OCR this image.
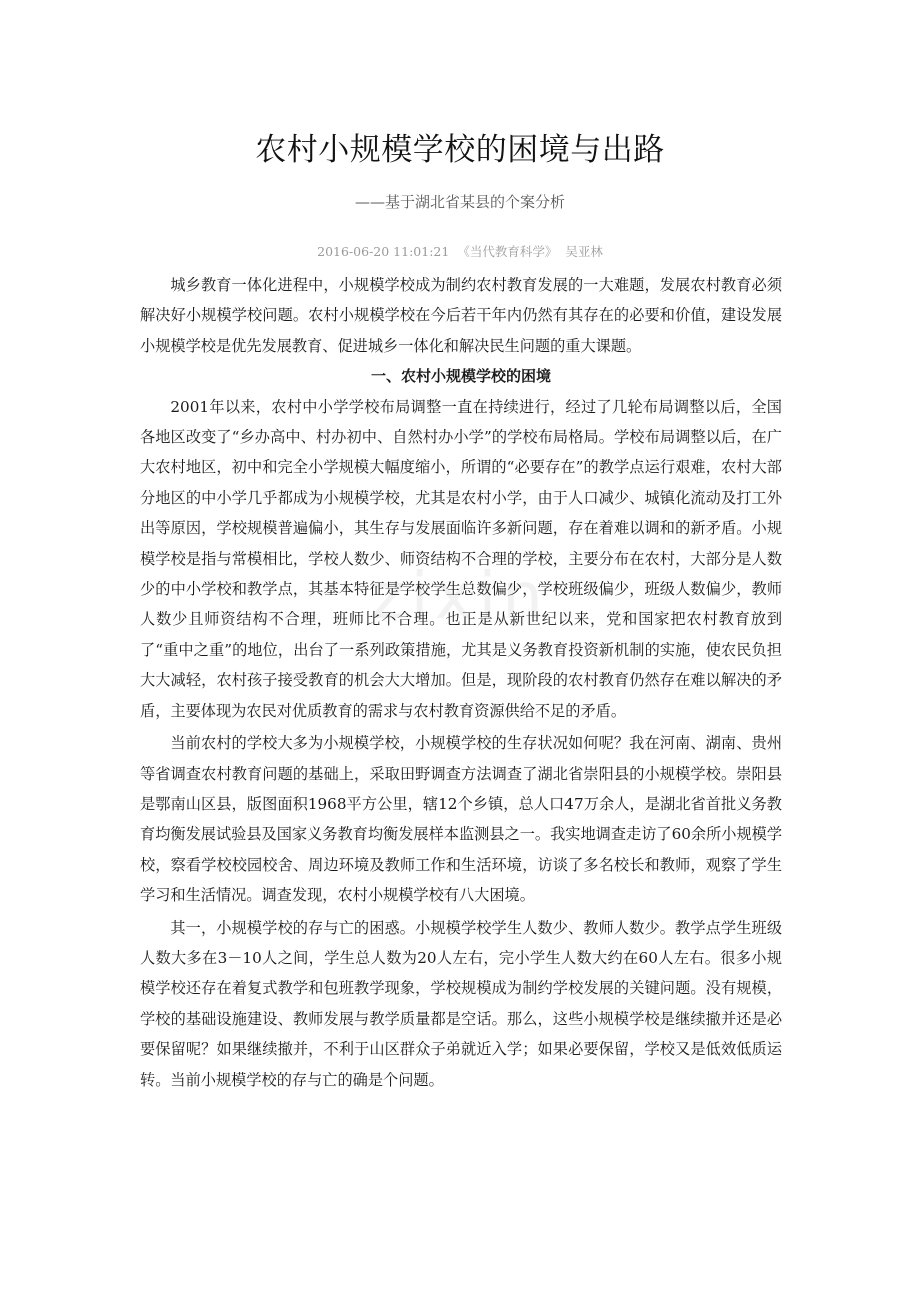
zixin
农村小规模学校的困境与出路
——基于湖北省某县的个案分析
2016-06-20 11:01:21 《当代教育科学》 吴亚林

城乡教育一体化进程中，小规模学校成为制约农村教育发展的一大难题，发展农村教育必须解决好小规模学校问题。农村小规模学校在今后若干年内仍然有其存在的必要和价值，建设发展小规模学校是优先发展教育、促进城乡一体化和解决民生问题的重大课题。

一、农村小规模学校的困境

2001年以来，农村中小学学校布局调整一直在持续进行，经过了几轮布局调整以后，全国各地区改变了“乡办高中、村办初中、自然村办小学”的学校布局格局。学校布局调整以后，在广大农村地区，初中和完全小学规模大幅度缩小，所谓的“必要存在”的教学点运行艰难，农村大部分地区的中小学几乎都成为小规模学校，尤其是农村小学，由于人口减少、城镇化流动及打工外出等原因，学校规模普遍偏小，其生存与发展面临许多新问题，存在着难以调和的新矛盾。小规模学校是指与常模相比，学校人数少、师资结构不合理的学校，主要分布在农村，大部分是人数少的中小学校和教学点，其基本特征是学校学生总数偏少，学校班级偏少，班级人数偏少，教师人数少且师资结构不合理，班师比不合理。也正是从新世纪以来，党和国家把农村教育放到了“重中之重”的地位，出台了一系列政策措施，尤其是义务教育投资新机制的实施，使农民负担大大减轻，农村孩子接受教育的机会大大增加。但是，现阶段的农村教育仍然存在难以解决的矛盾，主要体现为农民对优质教育的需求与农村教育资源供给不足的矛盾。

当前农村的学校大多为小规模学校，小规模学校的生存状况如何呢？我在河南、湖南、贵州等省调查农村教育问题的基础上，采取田野调查方法调查了湖北省崇阳县的小规模学校。崇阳县是鄂南山区县，版图面积1968平方公里，辖12个乡镇，总人口47万余人，是湖北省首批义务教育均衡发展试验县及国家义务教育均衡发展样本监测县之一。我实地调查走访了60余所小规模学校，察看学校校园校舍、周边环境及教师工作和生活环境，访谈了多名校长和教师，观察了学生学习和生活情况。调查发现，农村小规模学校有八大困境。

其一，小规模学校的存与亡的困惑。小规模学校学生人数少、教师人数少。教学点学生班级人数大多在3－10人之间，学生总人数为20人左右，完小学生人数大约在60人左右。很多小规模学校还存在着复式教学和包班教学现象，学校规模成为制约学校发展的关键问题。没有规模，学校的基础设施建设、教师发展与教学质量都是空话。那么，这些小规模学校是继续撤并还是必要保留呢？如果继续撤并，不利于山区群众子弟就近入学；如果必要保留，学校又是低效低质运转。当前小规模学校的存与亡的确是个问题。
